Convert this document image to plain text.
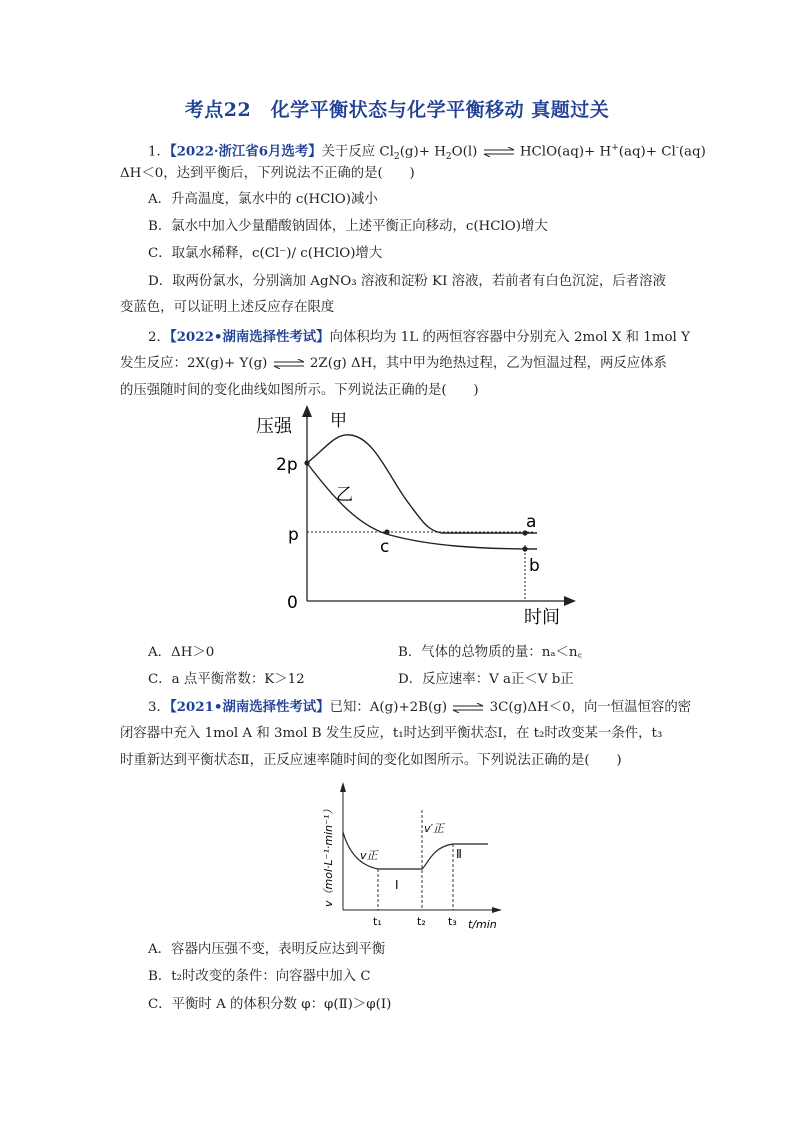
考点22　化学平衡状态与化学平衡移动 真题过关
1．【2022·浙江省6月选考】关于反应 $Cl_2(g)+ H_2O(l)$ ⇌ HClO(aq)+ H+(aq)+ Cl-(aq)
ΔH＜0，达到平衡后，下列说法不正确的是(　　)
A．升高温度，氯水中的 c(HClO)减小
B．氯水中加入少量醋酸钠固体，上述平衡正向移动，c(HClO)增大
C．取氯水稀释，c(Cl⁻)/ c(HClO)增大
D．取两份氯水，分别滴加 AgNO₃ 溶液和淀粉 KI 溶液，若前者有白色沉淀，后者溶液
变蓝色，可以证明上述反应存在限度
2．【2022•湖南选择性考试】向体积均为 1L 的两恒容容器中分别充入 2mol X 和 1mol Y
发生反应：2X(g)+ Y(g) ⇌ 2Z(g) ΔH，其中甲为绝热过程，乙为恒温过程，两反应体系
的压强随时间的变化曲线如图所示。下列说法正确的是(　　)
压强 甲
乙
2p
p
0
a
b
c
时间
A．ΔH＞0	B．气体的总物质的量：nₐ＜n꜀
C．a 点平衡常数：K＞12	D．反应速率：V a正＜V b正
3．【2021•湖南选择性考试】已知：A(g)+2B(g) ⇌ 3C(g)ΔH＜0，向一恒温恒容的密
闭容器中充入 1mol A 和 3mol B 发生反应，t₁时达到平衡状态Ⅰ，在 t₂时改变某一条件，t₃
时重新达到平衡状态Ⅱ，正反应速率随时间的变化如图所示。下列说法正确的是(　　)
v（mol·L⁻¹·min⁻¹） v正
v′正
Ⅰ
Ⅱ
t₁	t₂ t₃ t/min
A．容器内压强不变，表明反应达到平衡
B．t₂时改变的条件：向容器中加入 C
C．平衡时 A 的体积分数 φ：φ(Ⅱ)＞φ(Ⅰ)
